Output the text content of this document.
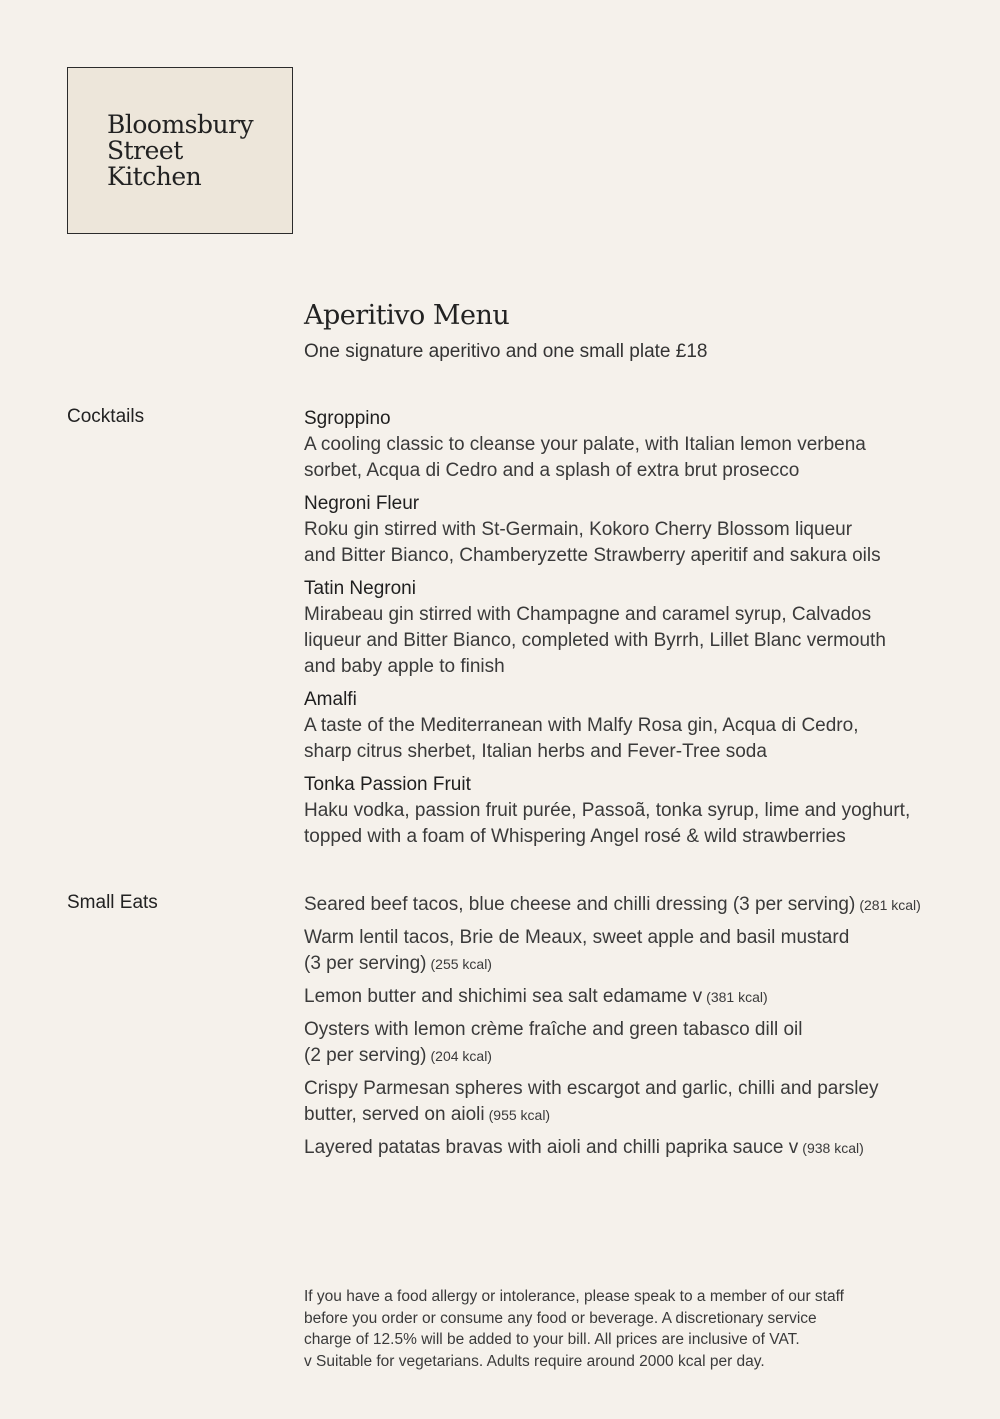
Bloomsbury
Street
Kitchen
Aperitivo Menu
One signature aperitivo and one small plate £18
Cocktails	Sgroppino
A cooling classic to cleanse your palate, with Italian lemon verbena
sorbet, Acqua di Cedro and a splash of extra brut prosecco
Negroni Fleur
Roku gin stirred with St-Germain, Kokoro Cherry Blossom liqueur
and Bitter Bianco, Chamberyzette Strawberry aperitif and sakura oils
Tatin Negroni
Mirabeau gin stirred with Champagne and caramel syrup, Calvados
liqueur and Bitter Bianco, completed with Byrrh, Lillet Blanc vermouth
and baby apple to finish
Amalfi
A taste of the Mediterranean with Malfy Rosa gin, Acqua di Cedro,
sharp citrus sherbet, Italian herbs and Fever-Tree soda
Tonka Passion Fruit
Haku vodka, passion fruit purée, Passoã, tonka syrup, lime and yoghurt,
topped with a foam of Whispering Angel rosé & wild strawberries
Small Eats	Seared beef tacos, blue cheese and chilli dressing (3 per serving) (281 kcal)
Warm lentil tacos, Brie de Meaux, sweet apple and basil mustard
(3 per serving) (255 kcal)
Lemon butter and shichimi sea salt edamame v (381 kcal)
Oysters with lemon crème fraîche and green tabasco dill oil
(2 per serving) (204 kcal)
Crispy Parmesan spheres with escargot and garlic, chilli and parsley
butter, served on aioli (955 kcal)
Layered patatas bravas with aioli and chilli paprika sauce v (938 kcal)
If you have a food allergy or intolerance, please speak to a member of our staff
before you order or consume any food or beverage. A discretionary service
charge of 12.5% will be added to your bill. All prices are inclusive of VAT.
v Suitable for vegetarians. Adults require around 2000 kcal per day.
